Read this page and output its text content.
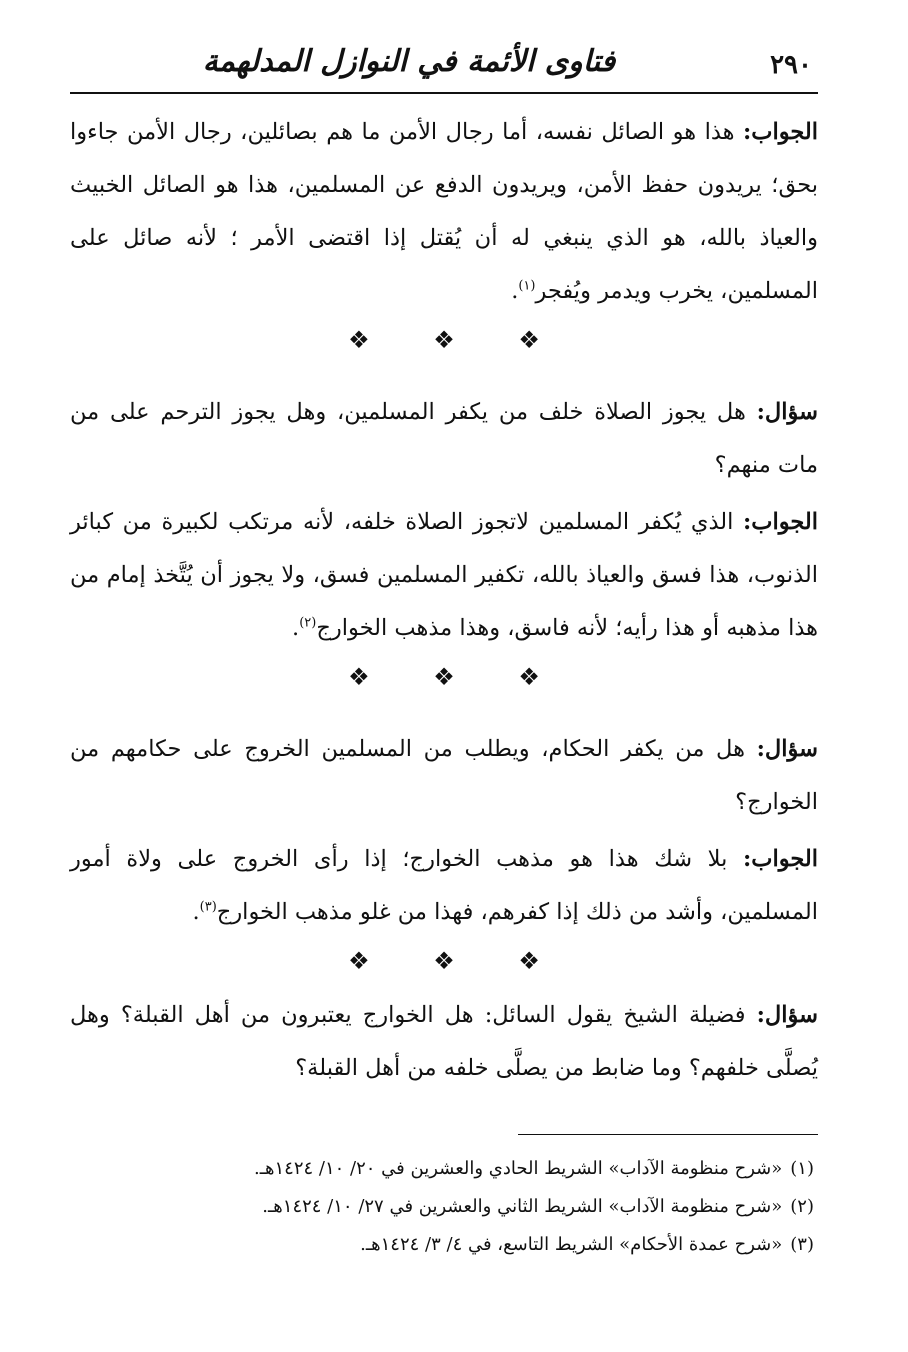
٢٩٠
فتاوى الأئمة في النوازل المدلهمة

الجواب: هذا هو الصائل نفسه، أما رجال الأمن ما هم بصائلين، رجال الأمن جاءوا بحق؛ يريدون حفظ الأمن، ويريدون الدفع عن المسلمين، هذا هو الصائل الخبيث والعياذ بالله، هو الذي ينبغي له أن يُقتل إذا اقتضى الأمر ؛ لأنه صائل على المسلمين، يخرب ويدمر ويُفجر$^{(١)}$.

❖ ❖ ❖

سؤال: هل يجوز الصلاة خلف من يكفر المسلمين، وهل يجوز الترحم على من مات منهم؟

الجواب: الذي يُكفر المسلمين لاتجوز الصلاة خلفه، لأنه مرتكب لكبيرة من كبائر الذنوب، هذا فسق والعياذ بالله، تكفير المسلمين فسق، ولا يجوز أن يُتَّخذ إمام من هذا مذهبه أو هذا رأيه؛ لأنه فاسق، وهذا مذهب الخوارج$^{(٢)}$.

❖ ❖ ❖

سؤال: هل من يكفر الحكام، ويطلب من المسلمين الخروج على حكامهم من الخوارج؟

الجواب: بلا شك هذا هو مذهب الخوارج؛ إذا رأى الخروج على ولاة أمور المسلمين، وأشد من ذلك إذا كفرهم، فهذا من غلو مذهب الخوارج$^{(٣)}$.

❖ ❖ ❖

سؤال: فضيلة الشيخ يقول السائل: هل الخوارج يعتبرون من أهل القبلة؟ وهل يُصلَّى خلفهم؟ وما ضابط من يصلَّى خلفه من أهل القبلة؟

(١)«شرح منظومة الآداب» الشريط الحادي والعشرين في ٢٠/ ١٠/ ١٤٢٤هـ.

(٢)«شرح منظومة الآداب» الشريط الثاني والعشرين في ٢٧/ ١٠/ ١٤٢٤هـ.

(٣)«شرح عمدة الأحكام» الشريط التاسع، في ٤/ ٣/ ١٤٢٤هـ.
